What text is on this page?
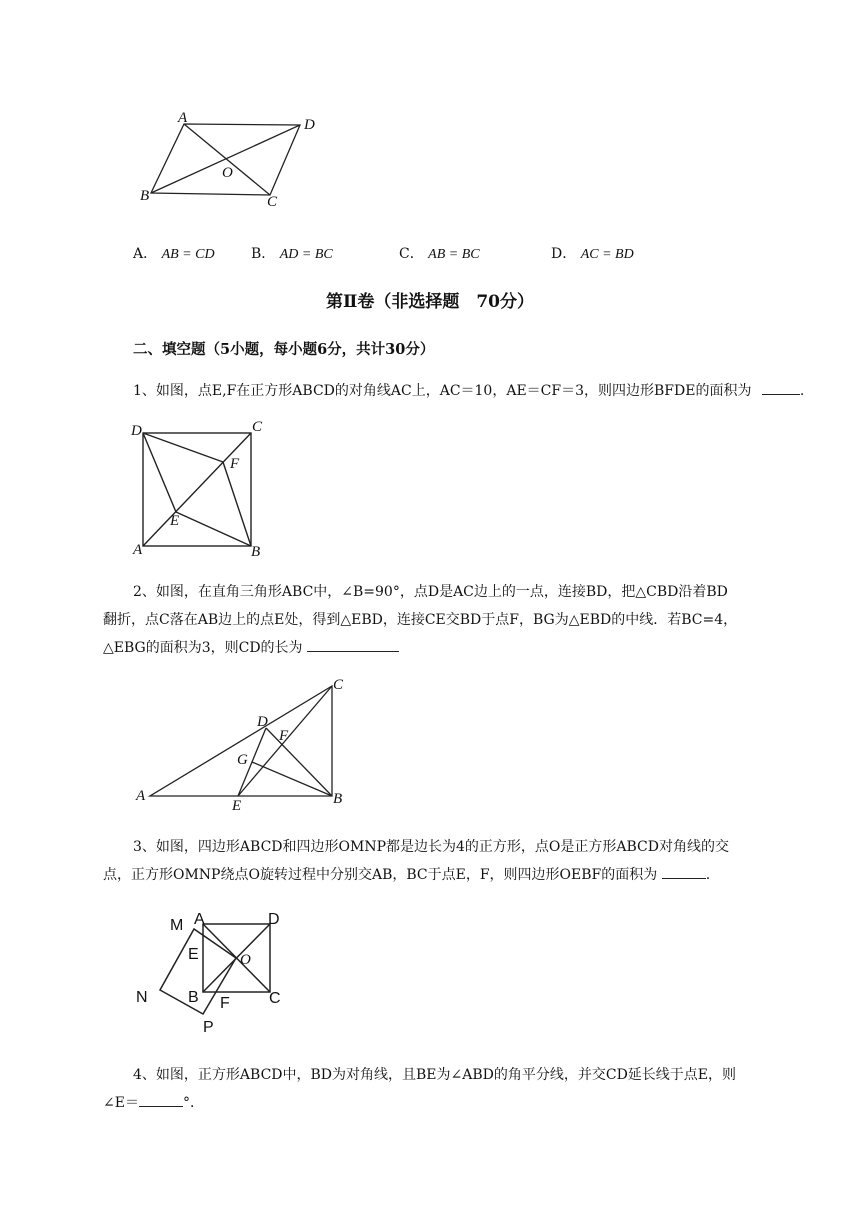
A	D
O
B	C
A． AB = CD	B． AD = BC	C． AB = BC	D． AC = BD
第Ⅱ卷（非选择题　70分）
二、填空题（5小题，每小题6分，共计30分）
1、如图，点E,F在正方形ABCD的对角线AC上，AC＝10，AE＝CF＝3，则四边形BFDE的面积为	.
D	C
F
E
A	B
2、如图，在直角三角形ABC中，∠B=90°，点D是AC边上的一点，连接BD，把△CBD沿着BD
翻折，点C落在AB边上的点E处，得到△EBD，连接CE交BD于点F，BG为△EBD的中线．若BC=4，
△EBG的面积为3，则CD的长为
A
C
D
F
G
E	B
3、如图，四边形ABCD和四边形OMNP都是边长为4的正方形，点O是正方形ABCD对角线的交
点，正方形OMNP绕点O旋转过程中分别交AB，BC于点E，F，则四边形OEBF的面积为	.
M A	D
E	O
N	B F C
P
4、如图，正方形ABCD中，BD为对角线，且BE为∠ABD的角平分线，并交CD延长线于点E，则
∠E＝	°．
